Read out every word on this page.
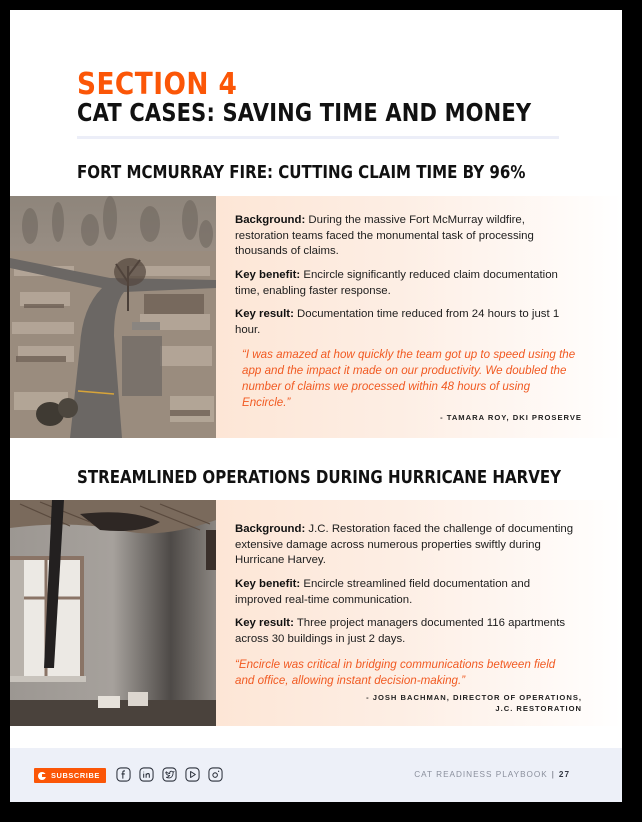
SECTION 4
CAT CASES: SAVING TIME AND MONEY
FORT MCMURRAY FIRE: CUTTING CLAIM TIME BY 96%
Background: During the massive Fort McMurray wildfire, restoration teams faced the monumental task of processing thousands of claims.
Key benefit: Encircle significantly reduced claim documentation time, enabling faster response.
Key result: Documentation time reduced from 24 hours to just 1 hour.
“I was amazed at how quickly the team got up to speed using the app and the impact it made on our productivity. We doubled the number of claims we processed within 48 hours of using Encircle.”
- TAMARA ROY, DKI PROSERVE
STREAMLINED OPERATIONS DURING HURRICANE HARVEY
Background: J.C. Restoration faced the challenge of documenting extensive damage across numerous properties swiftly during Hurricane Harvey.
Key benefit: Encircle streamlined field documentation and improved real-time communication.
Key result: Three project managers documented 116 apartments across 30 buildings in just 2 days.
“Encircle was critical in bridging communications between field and office, allowing instant decision-making.”
- JOSH BACHMAN, DIRECTOR OF OPERATIONS,
J.C. RESTORATION
SUBSCRIBE	CAT READINESS PLAYBOOK | 27
